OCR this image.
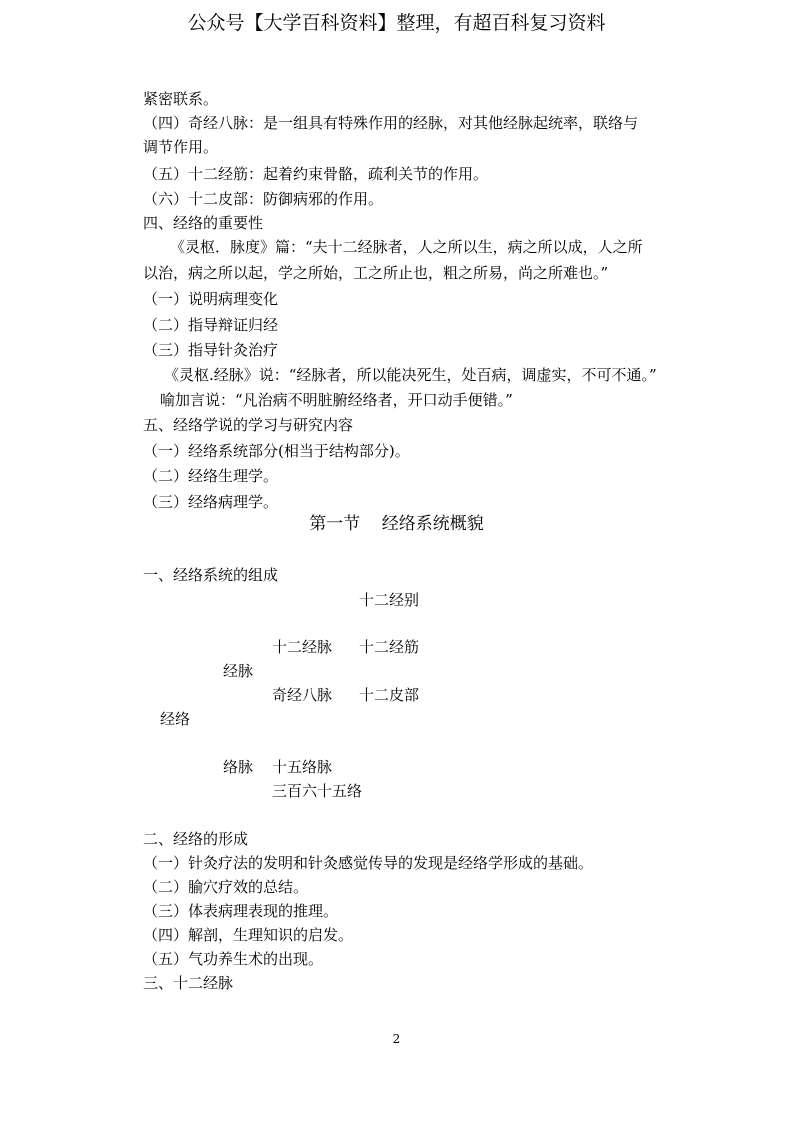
公众号【大学百科资料】整理，有超百科复习资料
紧密联系。
（四）奇经八脉：是一组具有特殊作用的经脉，对其他经脉起统率，联络与
调节作用。
（五）十二经筋：起着约束骨骼，疏利关节的作用。
（六）十二皮部：防御病邪的作用。
四、经络的重要性
《灵枢．脉度》篇：“夫十二经脉者，人之所以生，病之所以成，人之所
以治，病之所以起，学之所始，工之所止也，粗之所易，尚之所难也。”
（一）说明病理变化
（二）指导辩证归经
（三）指导针灸治疗
《灵枢.经脉》说：“经脉者，所以能决死生，处百病，调虚实，不可不通。”
喻加言说：“凡治病不明脏腑经络者，开口动手便错。”
五、经络学说的学习与研究内容
（一）经络系统部分(相当于结构部分)。
（二）经络生理学。
（三）经络病理学。
第一节    经络系统概貌
一、经络系统的组成
十二经别
十二经脉 十二经筋
经脉
奇经八脉 十二皮部
经络
络脉 十五络脉
三百六十五络
二、经络的形成
（一）针灸疗法的发明和针灸感觉传导的发现是经络学形成的基础。
（二）腧穴疗效的总结。
（三）体表病理表现的推理。
（四）解剖，生理知识的启发。
（五）气功养生术的出现。
三、十二经脉
2
